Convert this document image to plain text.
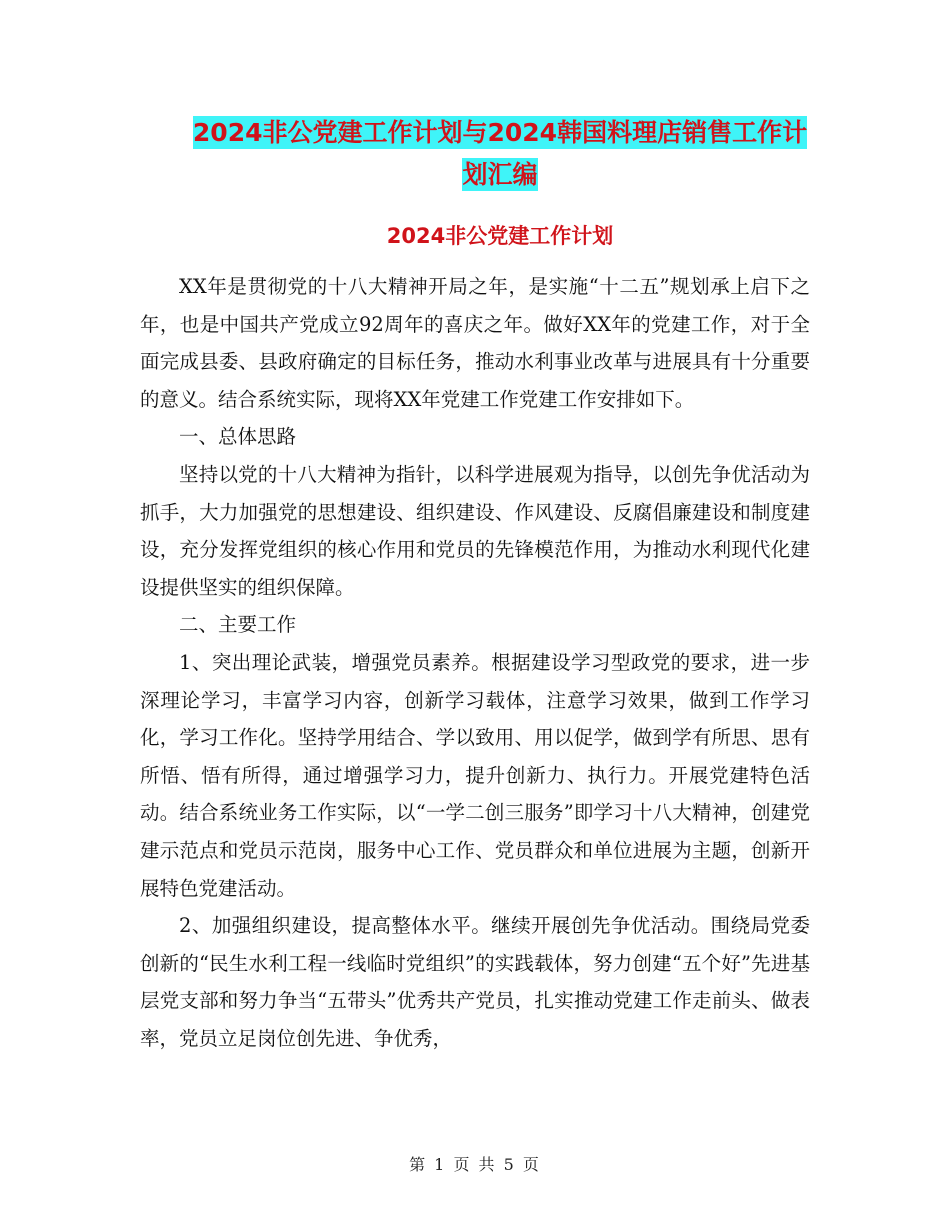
2024非公党建工作计划与2024韩国料理店销售工作计
划汇编
2024非公党建工作计划

XX年是贯彻党的十八大精神开局之年，是实施“十二五”规划承上启下之年，也是中国共产党成立92周年的喜庆之年。做好XX年的党建工作，对于全面完成县委、县政府确定的目标任务，推动水利事业改革与进展具有十分重要的意义。结合系统实际，现将XX年党建工作党建工作安排如下。

一、总体思路

坚持以党的十八大精神为指针，以科学进展观为指导，以创先争优活动为抓手，大力加强党的思想建设、组织建设、作风建设、反腐倡廉建设和制度建设，充分发挥党组织的核心作用和党员的先锋模范作用，为推动水利现代化建设提供坚实的组织保障。

二、主要工作

1、突出理论武装，增强党员素养。根据建设学习型政党的要求，进一步深理论学习，丰富学习内容，创新学习载体，注意学习效果，做到工作学习化，学习工作化。坚持学用结合、学以致用、用以促学，做到学有所思、思有所悟、悟有所得，通过增强学习力，提升创新力、执行力。开展党建特色活动。结合系统业务工作实际，以“一学二创三服务”即学习十八大精神，创建党建示范点和党员示范岗，服务中心工作、党员群众和单位进展为主题，创新开展特色党建活动。

2、加强组织建设，提高整体水平。继续开展创先争优活动。围绕局党委创新的“民生水利工程一线临时党组织”的实践载体，努力创建“五个好”先进基层党支部和努力争当“五带头”优秀共产党员，扎实推动党建工作走前头、做表率，党员立足岗位创先进、争优秀，

第 1 页 共 5 页
